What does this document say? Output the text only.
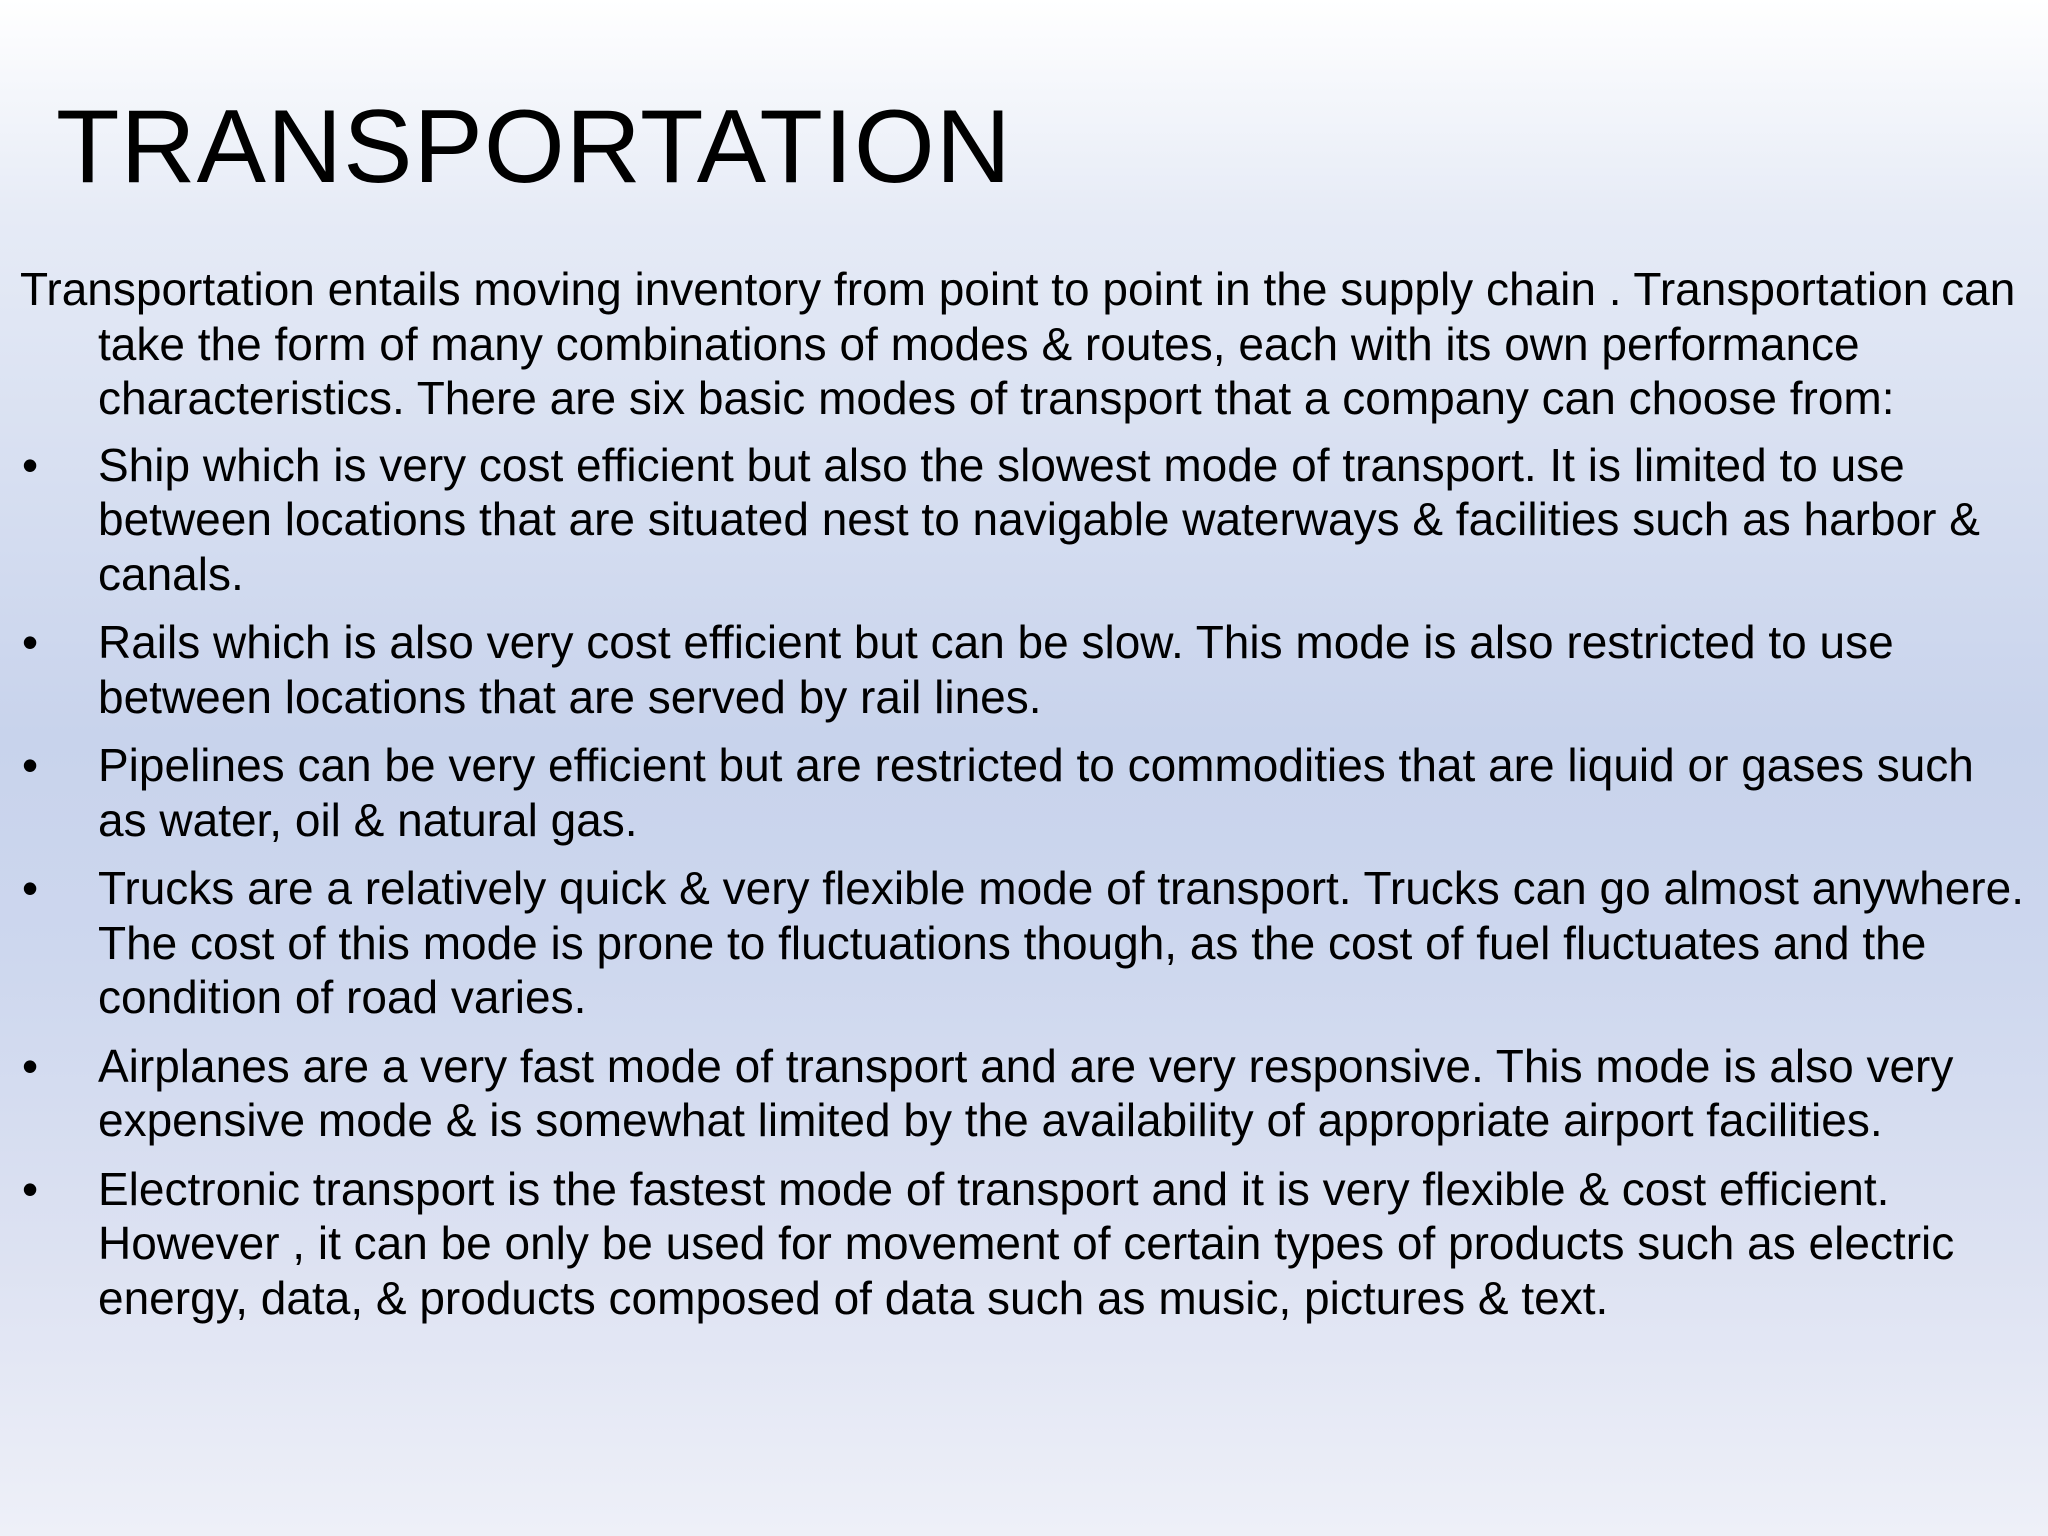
TRANSPORTATION

Transportation entails moving inventory from point to point in the supply chain . Transportation can take the form of many combinations of modes & routes, each with its own performance characteristics. There are six basic modes of transport that a company can choose from:

• Ship which is very cost efficient but also the slowest mode of transport. It is limited to use between locations that are situated nest to navigable waterways & facilities such as harbor & canals.
• Rails which is also very cost efficient but can be slow. This mode is also restricted to use between locations that are served by rail lines.
• Pipelines can be very efficient but are restricted to commodities that are liquid or gases such as water, oil & natural gas.
• Trucks are a relatively quick & very flexible mode of transport. Trucks can go almost anywhere. The cost of this mode is prone to fluctuations though, as the cost of fuel fluctuates and the condition of road varies.
• Airplanes are a very fast mode of transport and are very responsive. This mode is also very expensive mode & is somewhat limited by the availability of appropriate airport facilities.
• Electronic transport is the fastest mode of transport and it is very flexible & cost efficient. However , it can be only be used for movement of certain types of products such as electric energy, data, & products composed of data such as music, pictures & text.
